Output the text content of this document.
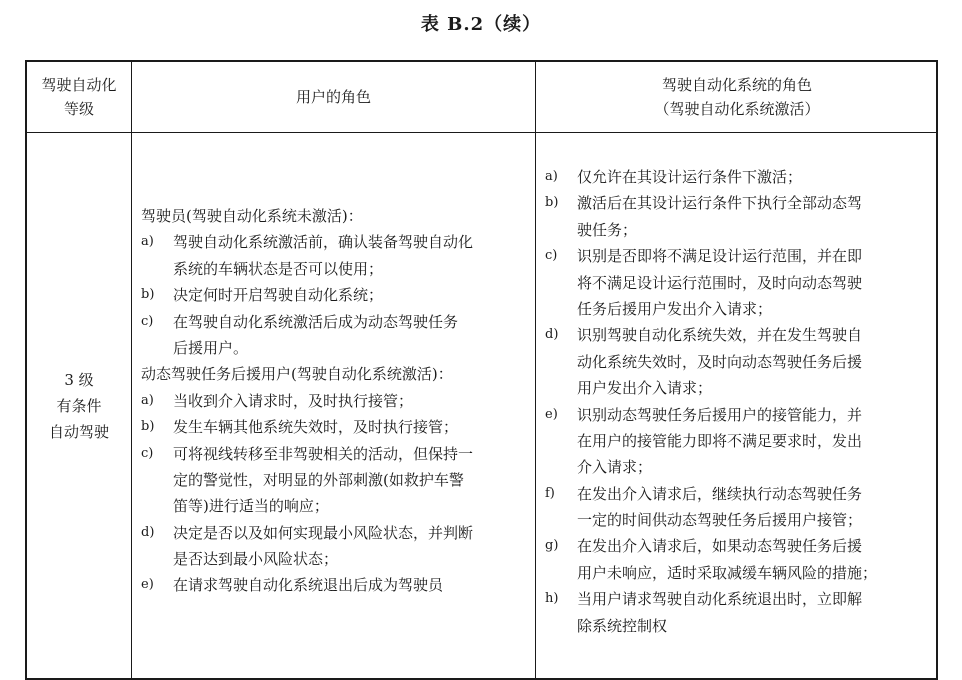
表 B.2（续）
驾驶自动化
等级
用户的角色
驾驶自动化系统的角色
（驾驶自动化系统激活）
3 级
有条件
自动驾驶
驾驶员(驾驶自动化系统未激活)：
a) 驾驶自动化系统激活前，确认装备驾驶自动化
系统的车辆状态是否可以使用；
b) 决定何时开启驾驶自动化系统；
c) 在驾驶自动化系统激活后成为动态驾驶任务
后援用户。
动态驾驶任务后援用户(驾驶自动化系统激活)：
a) 当收到介入请求时，及时执行接管；
b) 发生车辆其他系统失效时，及时执行接管；
c) 可将视线转移至非驾驶相关的活动，但保持一
定的警觉性，对明显的外部刺激(如救护车警
笛等)进行适当的响应；
d) 决定是否以及如何实现最小风险状态，并判断
是否达到最小风险状态；
e) 在请求驾驶自动化系统退出后成为驾驶员
a) 仅允许在其设计运行条件下激活；
b) 激活后在其设计运行条件下执行全部动态驾
驶任务；
c) 识别是否即将不满足设计运行范围，并在即
将不满足设计运行范围时，及时向动态驾驶
任务后援用户发出介入请求；
d) 识别驾驶自动化系统失效，并在发生驾驶自
动化系统失效时，及时向动态驾驶任务后援
用户发出介入请求；
e) 识别动态驾驶任务后援用户的接管能力，并
在用户的接管能力即将不满足要求时，发出
介入请求；
f) 在发出介入请求后，继续执行动态驾驶任务
一定的时间供动态驾驶任务后援用户接管；
g) 在发出介入请求后，如果动态驾驶任务后援
用户未响应，适时采取减缓车辆风险的措施；
h) 当用户请求驾驶自动化系统退出时，立即解
除系统控制权
